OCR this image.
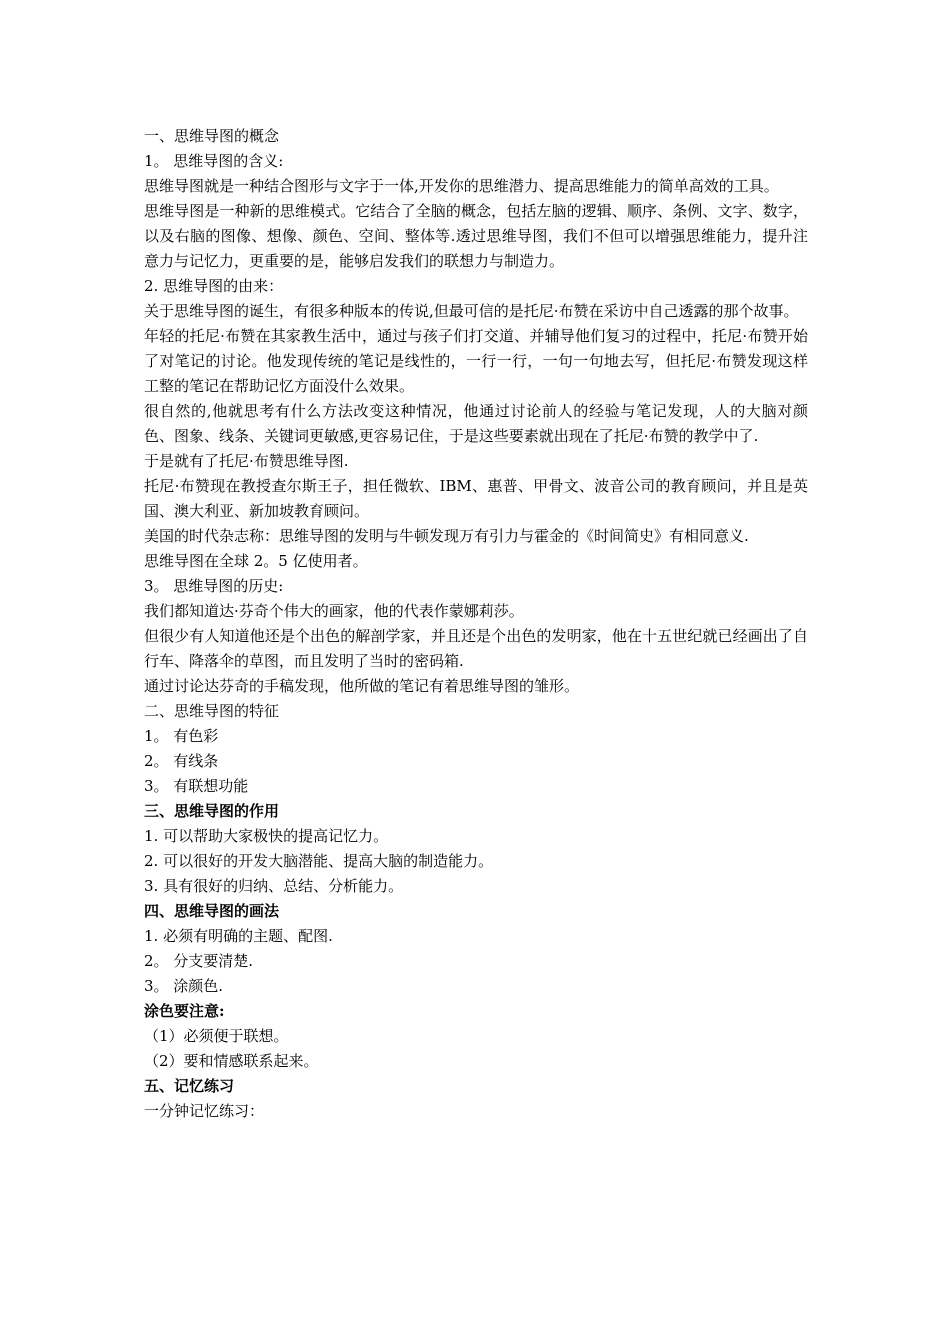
一、思维导图的概念
1。 思维导图的含义:
思维导图就是一种结合图形与文字于一体,开发你的思维潜力、提高思维能力的简单高效的工具。
思维导图是一种新的思维模式。它结合了全脑的概念，包括左脑的逻辑、顺序、条例、文字、数字，以及右脑的图像、想像、颜色、空间、整体等.透过思维导图，我们不但可以增强思维能力，提升注意力与记忆力，更重要的是，能够启发我们的联想力与制造力。
2. 思维导图的由来：
关于思维导图的诞生，有很多种版本的传说,但最可信的是托尼·布赞在采访中自己透露的那个故事。
年轻的托尼·布赞在其家教生活中，通过与孩子们打交道、并辅导他们复习的过程中，托尼·布赞开始了对笔记的讨论。他发现传统的笔记是线性的，一行一行，一句一句地去写，但托尼·布赞发现这样工整的笔记在帮助记忆方面没什么效果。
很自然的,他就思考有什么方法改变这种情况，他通过讨论前人的经验与笔记发现，人的大脑对颜色、图象、线条、关键词更敏感,更容易记住，于是这些要素就出现在了托尼·布赞的教学中了.
于是就有了托尼·布赞思维导图.
托尼·布赞现在教授查尔斯王子，担任微软、IBM、惠普、甲骨文、波音公司的教育顾问，并且是英国、澳大利亚、新加坡教育顾问。
美国的时代杂志称：思维导图的发明与牛顿发现万有引力与霍金的《时间简史》有相同意义.
思维导图在全球 2。5 亿使用者。
3。 思维导图的历史:
我们都知道达·芬奇个伟大的画家，他的代表作蒙娜莉莎。
但很少有人知道他还是个出色的解剖学家，并且还是个出色的发明家，他在十五世纪就已经画出了自行车、降落伞的草图，而且发明了当时的密码箱.
通过讨论达芬奇的手稿发现，他所做的笔记有着思维导图的雏形。
二、思维导图的特征
1。 有色彩
2。 有线条
3。 有联想功能
三、思维导图的作用
1. 可以帮助大家极快的提高记忆力。
2. 可以很好的开发大脑潜能、提高大脑的制造能力。
3. 具有很好的归纳、总结、分析能力。
四、思维导图的画法
1. 必须有明确的主题、配图.
2。 分支要清楚.
3。 涂颜色.
涂色要注意:
（1）必须便于联想。
（2）要和情感联系起来。
五、记忆练习
一分钟记忆练习：
